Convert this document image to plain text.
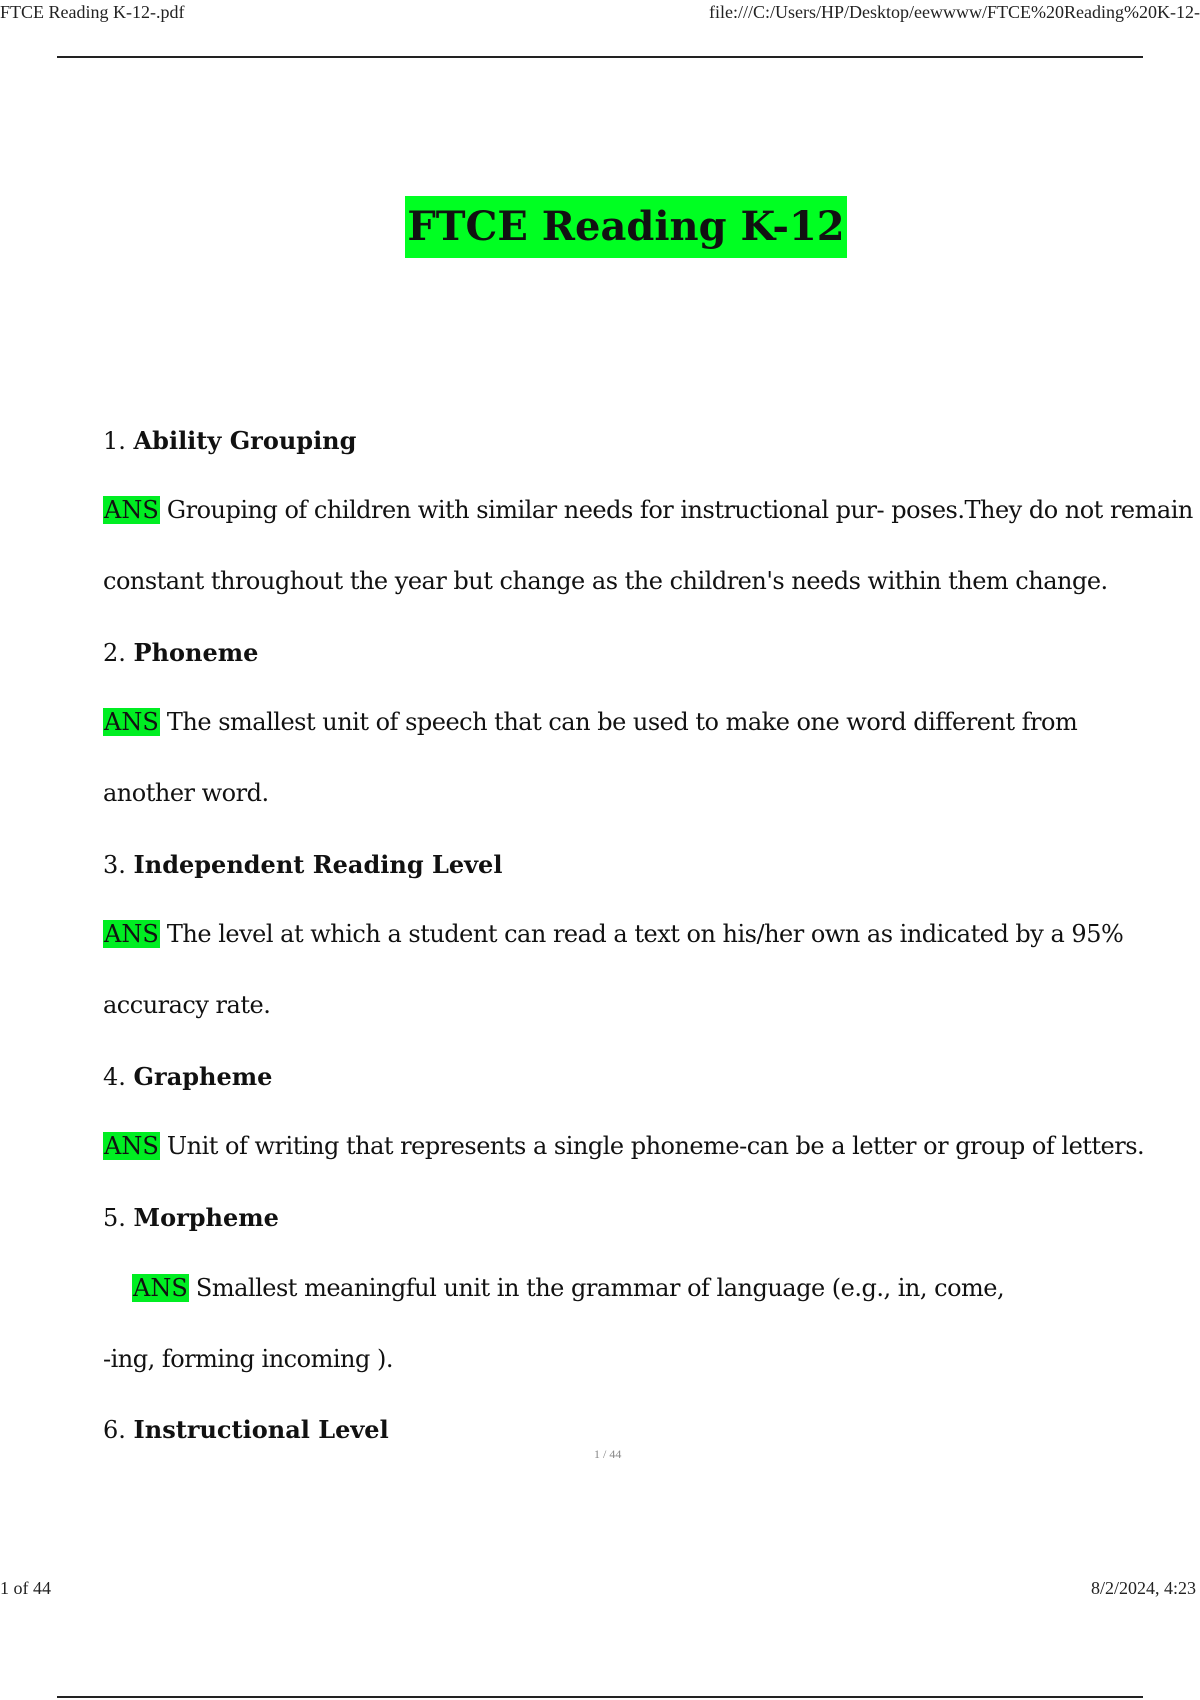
FTCE Reading K-12-.pdf	file:///C:/Users/HP/Desktop/eewwww/FTCE%20Reading%20K-12-
FTCE Reading K-12
1. Ability Grouping
ANS Grouping of children with similar needs for instructional pur- poses.They do not remain
constant throughout the year but change as the children's needs within them change.
2. Phoneme
ANS The smallest unit of speech that can be used to make one word different from
another word.
3. Independent Reading Level
ANS The level at which a student can read a text on his/her own as indicated by a 95%
accuracy rate.
4. Grapheme
ANS Unit of writing that represents a single phoneme-can be a letter or group of letters.
5. Morpheme
ANS Smallest meaningful unit in the grammar of language (e.g., in, come,
-ing, forming incoming ).
6. Instructional Level
1 / 44
1 of 44	8/2/2024, 4:23
